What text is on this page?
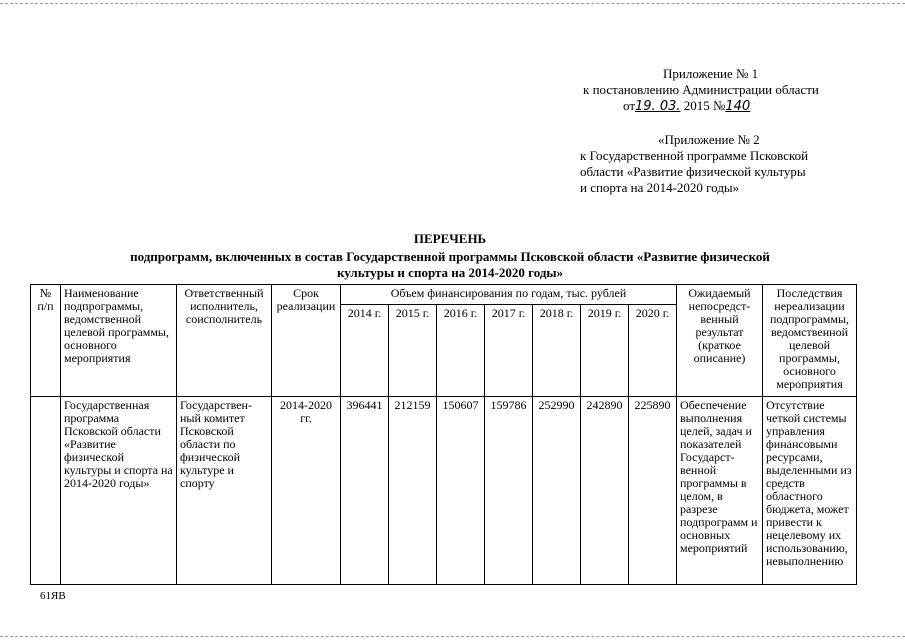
Приложение № 1
к постановлению Администрации области
от19. 03. 2015 №140
«Приложение № 2
к Государственной программе Псковской
области «Развитие физической культуры
и спорта на 2014-2020 годы»
ПЕРЕЧЕНЬ
подпрограмм, включенных в состав Государственной программы Псковской области «Развитие физической
культуры и спорта на 2014-2020 годы»
№ п/п	Наименование подпрограммы, ведомственной целевой программы, основного мероприятия	Ответственный исполнитель, соисполнитель	Срок реализации	Объем финансирования по годам, тыс. рублей							Ожидаемый непосредст-венный результат (краткое описание)	Последствия нереализации подпрограммы, ведомственной целевой программы, основного мероприятия
				2014 г.	2015 г.	2016 г.	2017 г.	2018 г.	2019 г.	2020 г.		
	Государственная программа Псковской области «Развитие физической культуры и спорта на 2014-2020 годы»	Государствен-ный комитет Псковской области по физической культуре и спорту	2014-2020 гг.	396441	212159	150607	159786	252990	242890	225890	Обеспечение выполнения целей, задач и показателей Государст-венной программы в целом, в разрезе подпрограмм и основных мероприятий	Отсутствие четкой системы управления финансовыми ресурсами, выделенными из средств областного бюджета, может привести к нецелевому их использованию, невыполнению
61ЯВ
